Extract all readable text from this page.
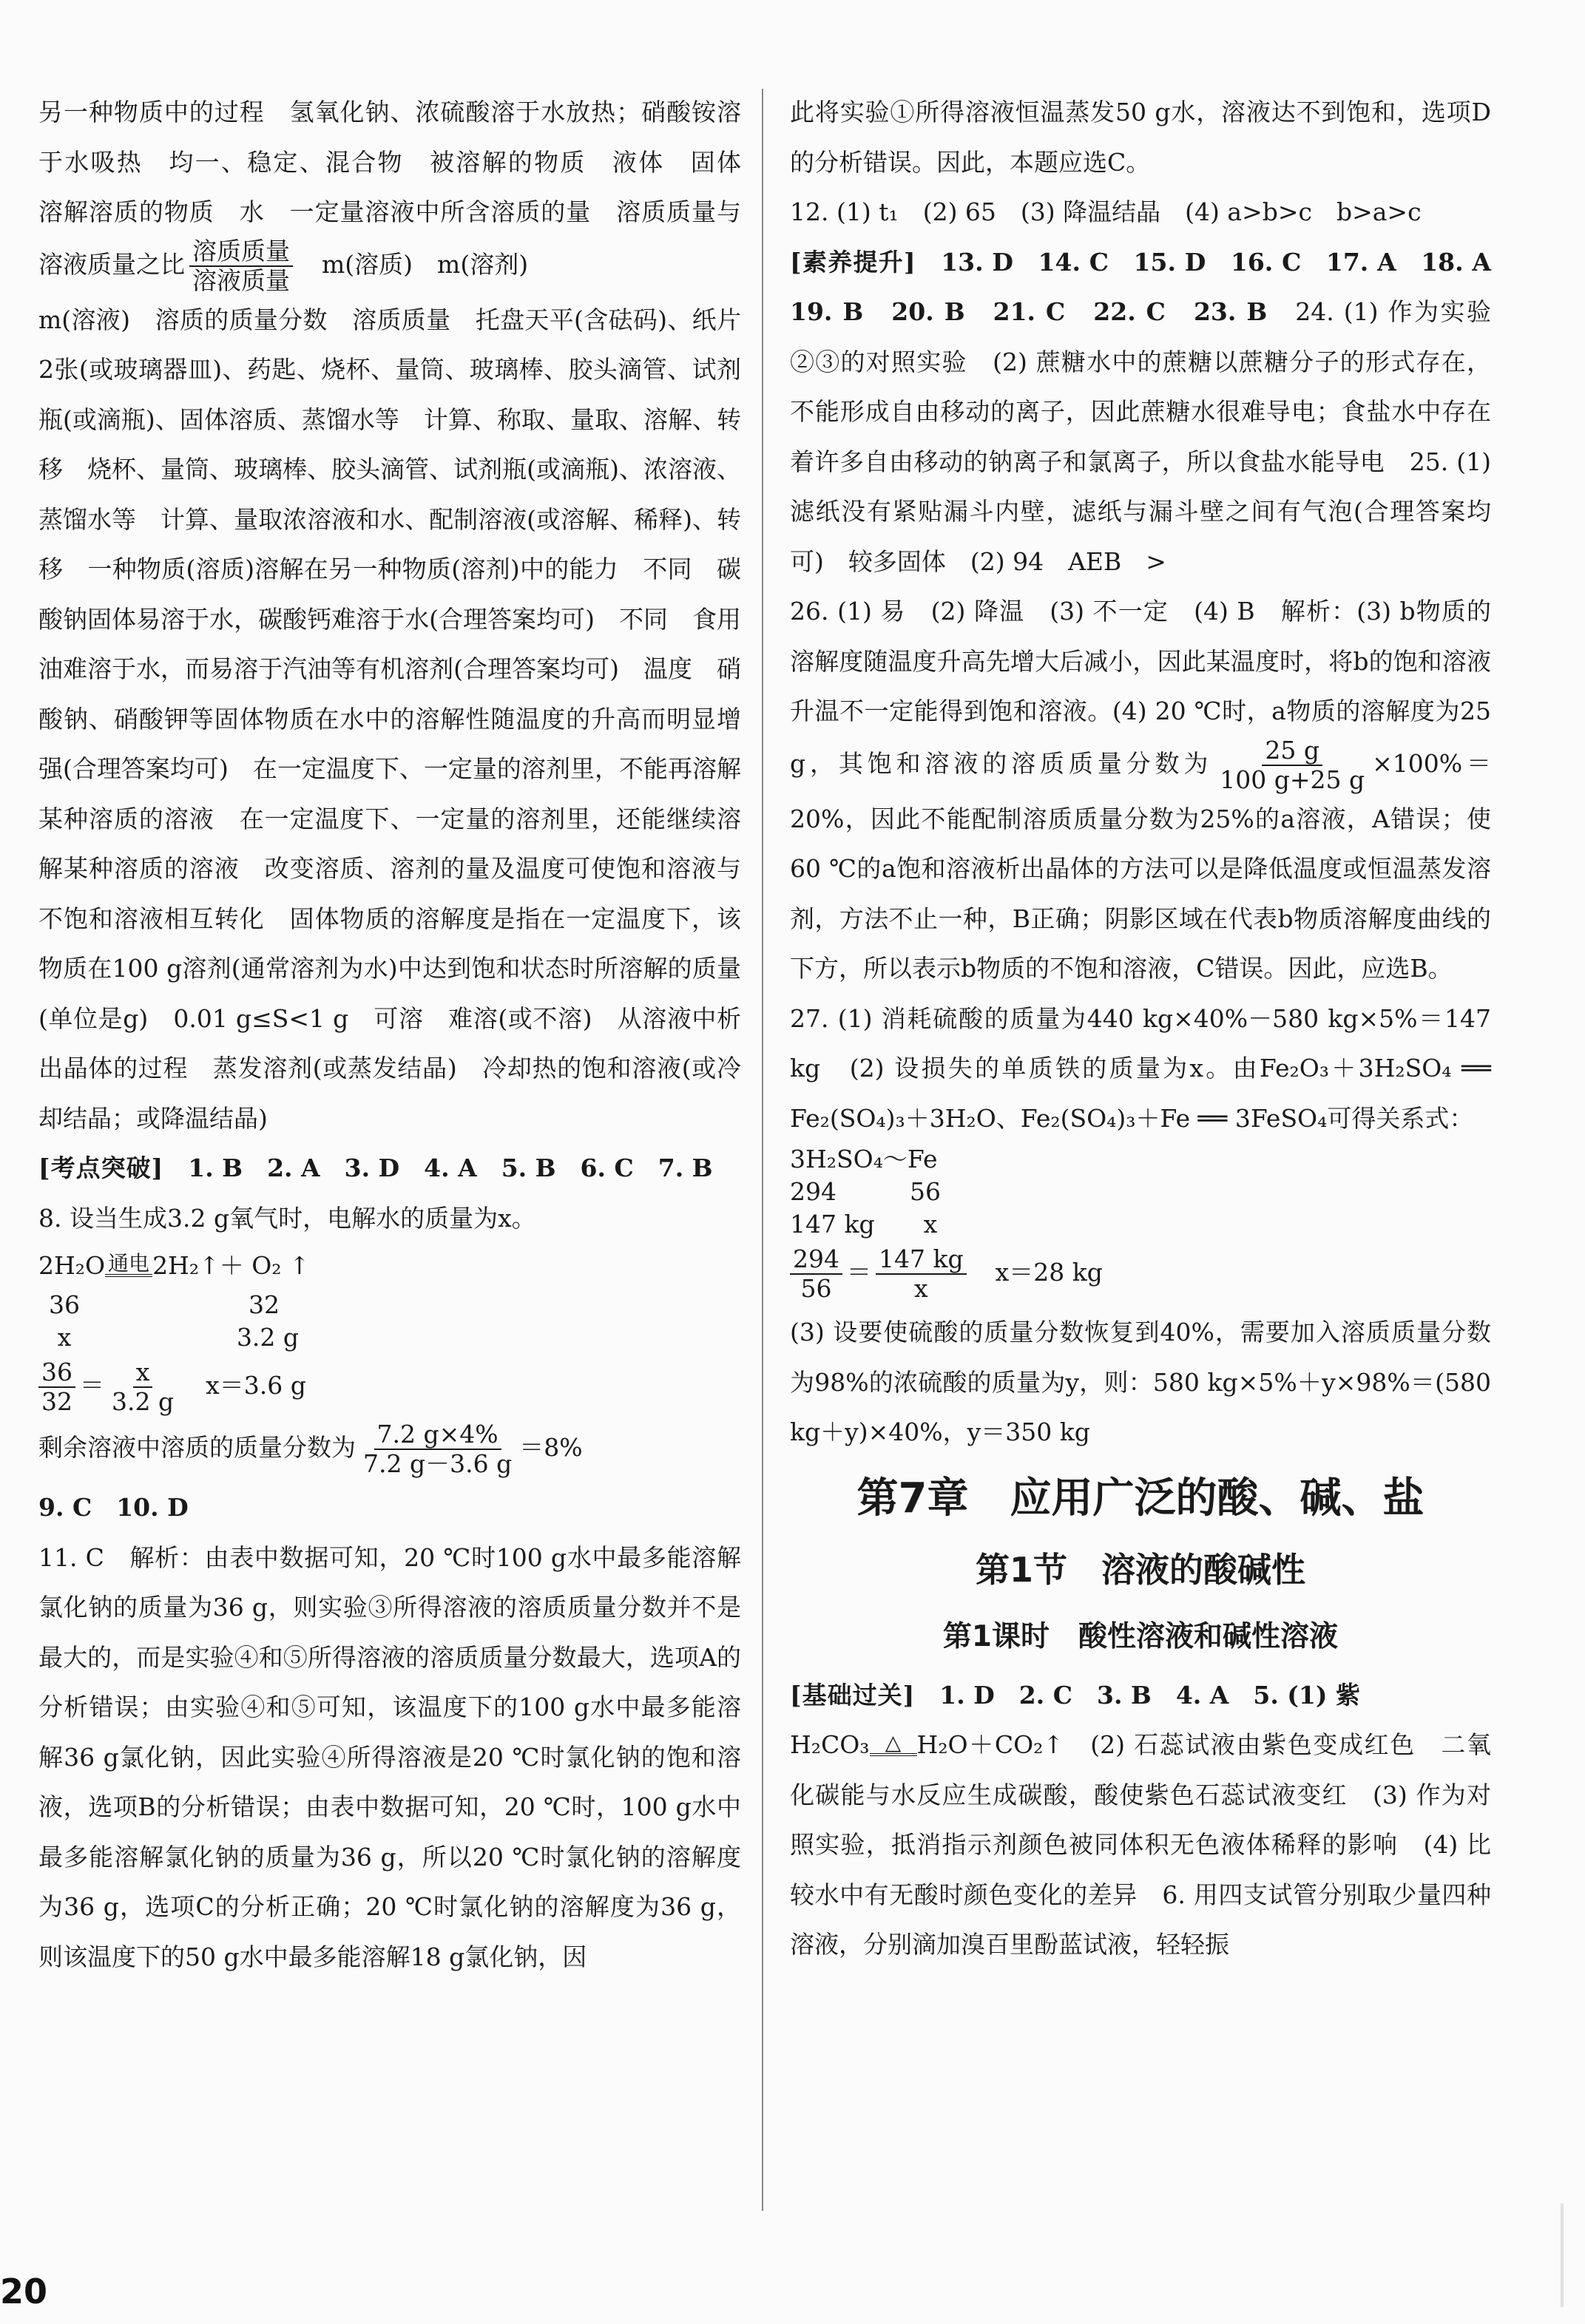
另一种物质中的过程　氢氧化钠、浓硫酸溶于水放热；硝酸铵溶于水吸热　均一、稳定、混合物　被溶解的物质　液体　固体　溶解溶质的物质　水　一定量溶液中所含溶质的量　溶质质量与溶液质量之比 $\frac{\text{溶质质量}}{\text{溶液质量}}$
　 m(溶质)　m(溶剂)

m(溶液)　溶质的质量分数　溶质质量　托盘天平(含砝码)、纸片2张(或玻璃器皿)、药匙、烧杯、量筒、玻璃棒、胶头滴管、试剂瓶(或滴瓶)、固体溶质、蒸馏水等　计算、称取、量取、溶解、转移　烧杯、量筒、玻璃棒、胶头滴管、试剂瓶(或滴瓶)、浓溶液、蒸馏水等　计算、量取浓溶液和水、配制溶液(或溶解、稀释)、转移　一种物质(溶质)溶解在另一种物质(溶剂)中的能力　不同　碳酸钠固体易溶于水，碳酸钙难溶于水(合理答案均可)　不同　食用油难溶于水，而易溶于汽油等有机溶剂(合理答案均可)　温度　硝酸钠、硝酸钾等固体物质在水中的溶解性随温度的升高而明显增强(合理答案均可)　在一定温度下、一定量的溶剂里，不能再溶解某种溶质的溶液　在一定温度下、一定量的溶剂里，还能继续溶解某种溶质的溶液　改变溶质、溶剂的量及温度可使饱和溶液与不饱和溶液相互转化　固体物质的溶解度是指在一定温度下，该物质在100 g溶剂(通常溶剂为水)中达到饱和状态时所溶解的质量(单位是g)　0.01 g≤S<1 g　可溶　难溶(或不溶)　从溶液中析出晶体的过程　蒸发溶剂(或蒸发结晶)　冷却热的饱和溶液(或冷却结晶；或降温结晶)

[考点突破]　 1. B　2. A　3. D　4. A　5. B　6. C　7. B

8. 设当生成3.2 g氧气时，电解水的质量为x。

2H₂O 通电 2H₂↑＋ O₂ ↑
36	32
x	3.2 g
$\frac{36}{32} = \frac{x}{3.2 g}$
　 x＝3.6 g
剩余溶液中溶质的质量分数为 $\frac{7.2 g\times 4\%}{7.2 g-3.6 g} =8\%$

9. C　10. D

11. C　解析：由表中数据可知，20 ℃时100 g水中最多能溶解氯化钠的质量为36 g，则实验③所得溶液的溶质质量分数并不是最大的，而是实验④和⑤所得溶液的溶质质量分数最大，选项A的分析错误；由实验④和⑤可知，该温度下的100 g水中最多能溶解36 g氯化钠，因此实验④所得溶液是20 ℃时氯化钠的饱和溶液，选项B的分析错误；由表中数据可知，20 ℃时，100 g水中最多能溶解氯化钠的质量为36 g，所以20 ℃时氯化钠的溶解度为36 g，选项C的分析正确；20 ℃时氯化钠的溶解度为36 g，则该温度下的50 g水中最多能溶解18 g氯化钠，因

此将实验①所得溶液恒温蒸发50 g水，溶液达不到饱和，选项D的分析错误。因此，本题应选C。

12. (1) t₁　(2) 65　(3) 降温结晶　(4) a>b>c　b>a>c

[素养提升]　 13. D　14. C　15. D　16. C　17. A　18. A　19. B　20. B　21. C　22. C　23. B　 24. (1) 作为实验②③的对照实验　(2) 蔗糖水中的蔗糖以蔗糖分子的形式存在，不能形成自由移动的离子，因此蔗糖水很难导电；食盐水中存在着许多自由移动的钠离子和氯离子，所以食盐水能导电　 25. (1) 滤纸没有紧贴漏斗内壁，滤纸与漏斗壁之间有气泡(合理答案均可)　较多固体　(2) 94　AEB　>

26. (1) 易　(2) 降温　(3) 不一定　(4) B　解析：(3) b物质的溶解度随温度升高先增大后减小，因此某温度时，将b的饱和溶液升温不一定能得到饱和溶液。(4) 20 ℃时，a物质的溶解度为25 g，其饱和溶液的溶质质量分数为 $\frac{25 g}{100 g+25 g} \times 100\%=20\%$，因此不能配制溶质质量分数为25%的a溶液，A错误；使60 ℃的a饱和溶液析出晶体的方法可以是降低温度或恒温蒸发溶剂，方法不止一种，B正确；阴影区域在代表b物质溶解度曲线的下方，所以表示b物质的不饱和溶液，C错误。因此，应选B。

27. (1) 消耗硫酸的质量为440 kg×40%－580 kg×5%＝147 kg　(2) 设损失的单质铁的质量为x。由Fe₂O₃＋3H₂SO₄ ══ Fe₂(SO₄)₃＋3H₂O、Fe₂(SO₄)₃＋Fe ══ 3FeSO₄可得关系式：

3H₂SO₄～Fe
294　　　56
147 kg　　x
$\frac{294}{56} = \frac{147 kg}{x}$
　 x＝28 kg

(3) 设要使硫酸的质量分数恢复到40%，需要加入溶质质量分数为98%的浓硫酸的质量为y，则：580 kg×5%＋y×98%＝(580 kg＋y)×40%，y＝350 kg

第7章　应用广泛的酸、碱、盐
第1节　溶液的酸碱性
第1课时　酸性溶液和碱性溶液

[基础过关]　 1. D　2. C　3. B　4. A　5. (1) 紫

H₂CO₃ △ H₂O＋CO₂↑　 (2) 石蕊试液由紫色变成红色　二氧化碳能与水反应生成碳酸，酸使紫色石蕊试液变红　(3) 作为对照实验，抵消指示剂颜色被同体积无色液体稀释的影响　(4) 比较水中有无酸时颜色变化的差异　6. 用四支试管分别取少量四种溶液，分别滴加溴百里酚蓝试液，轻轻振

20
